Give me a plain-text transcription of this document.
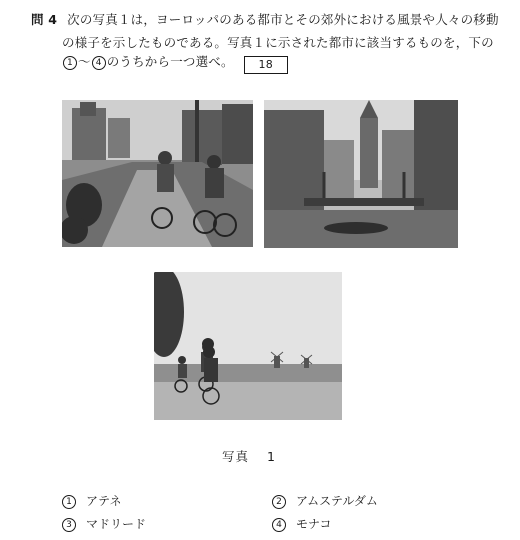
問 4 次の写真１は，ヨーロッパのある都市とその郊外における風景や人々の移動
の様子を示したものである。写真１に示された都市に該当するものを，下の
1 ～ 4 のうちから一つ選べ。 18
写真 1
1 アテネ	2 アムステルダム
3 マドリード	4 モナコ
